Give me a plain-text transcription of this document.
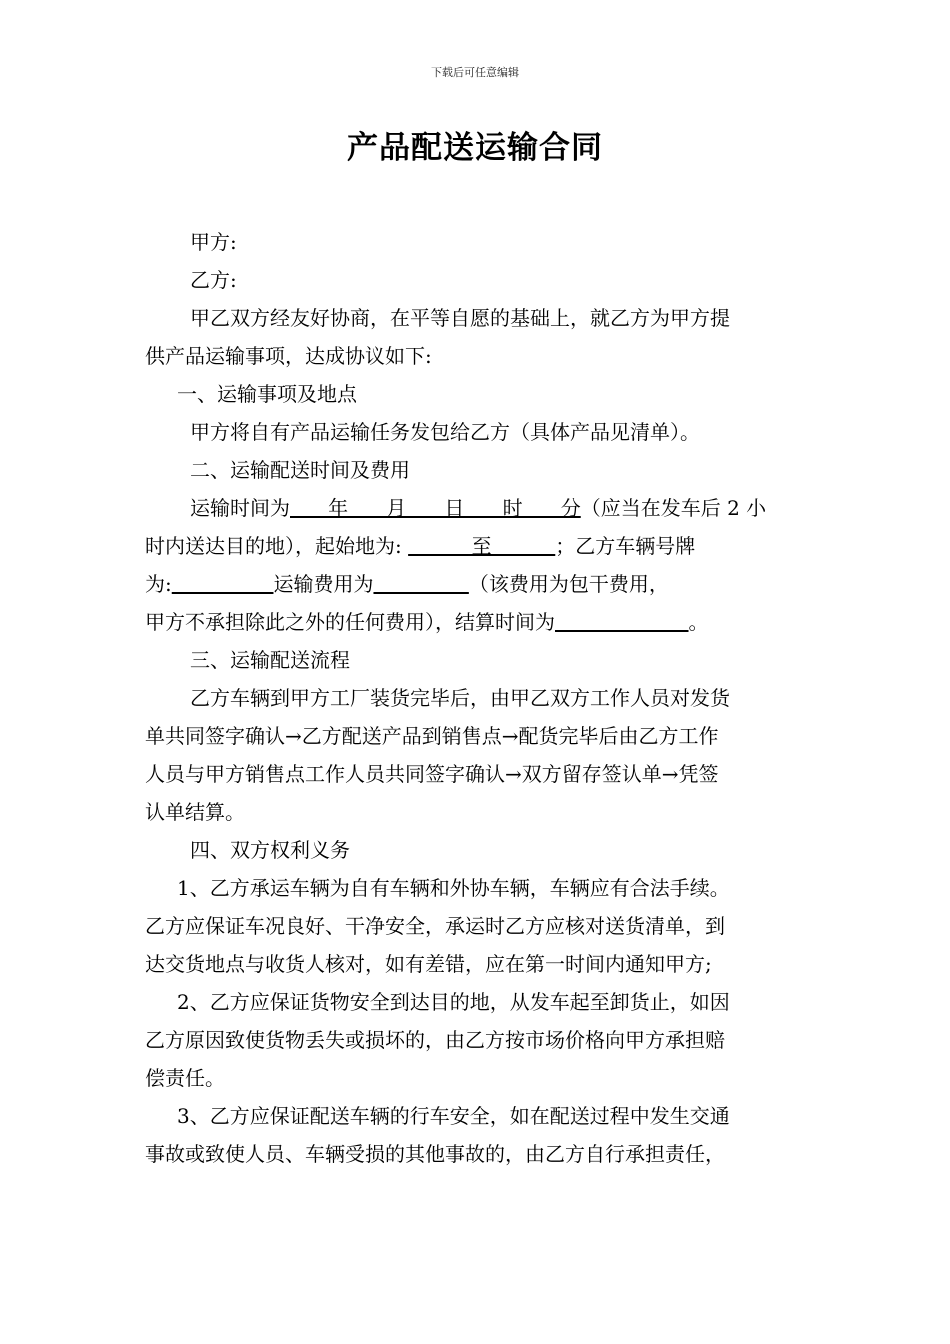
下载后可任意编辑
产品配送运输合同

甲方:

乙方:

甲乙双方经友好协商，在平等自愿的基础上，就乙方为甲方提

供产品运输事项，达成协议如下:

一、运输事项及地点

甲方将自有产品运输任务发包给乙方（具体产品见清单）。

二、运输配送时间及费用

运输时间为      年      月      日      时      分（应当在发车后 2 小

时内送达目的地），起始地为:           至          ；乙方车辆号牌

为:	运输费用为	（该费用为包干费用，

甲方不承担除此之外的任何费用），结算时间为	。

三、运输配送流程

乙方车辆到甲方工厂装货完毕后，由甲乙双方工作人员对发货

单共同签字确认→乙方配送产品到销售点→配货完毕后由乙方工作

人员与甲方销售点工作人员共同签字确认→双方留存签认单→凭签

认单结算。

四、双方权利义务

1、乙方承运车辆为自有车辆和外协车辆，车辆应有合法手续。

乙方应保证车况良好、干净安全，承运时乙方应核对送货清单，到

达交货地点与收货人核对，如有差错，应在第一时间内通知甲方;

2、乙方应保证货物安全到达目的地，从发车起至卸货止，如因

乙方原因致使货物丢失或损坏的，由乙方按市场价格向甲方承担赔

偿责任。

3、乙方应保证配送车辆的行车安全，如在配送过程中发生交通

事故或致使人员、车辆受损的其他事故的，由乙方自行承担责任，
